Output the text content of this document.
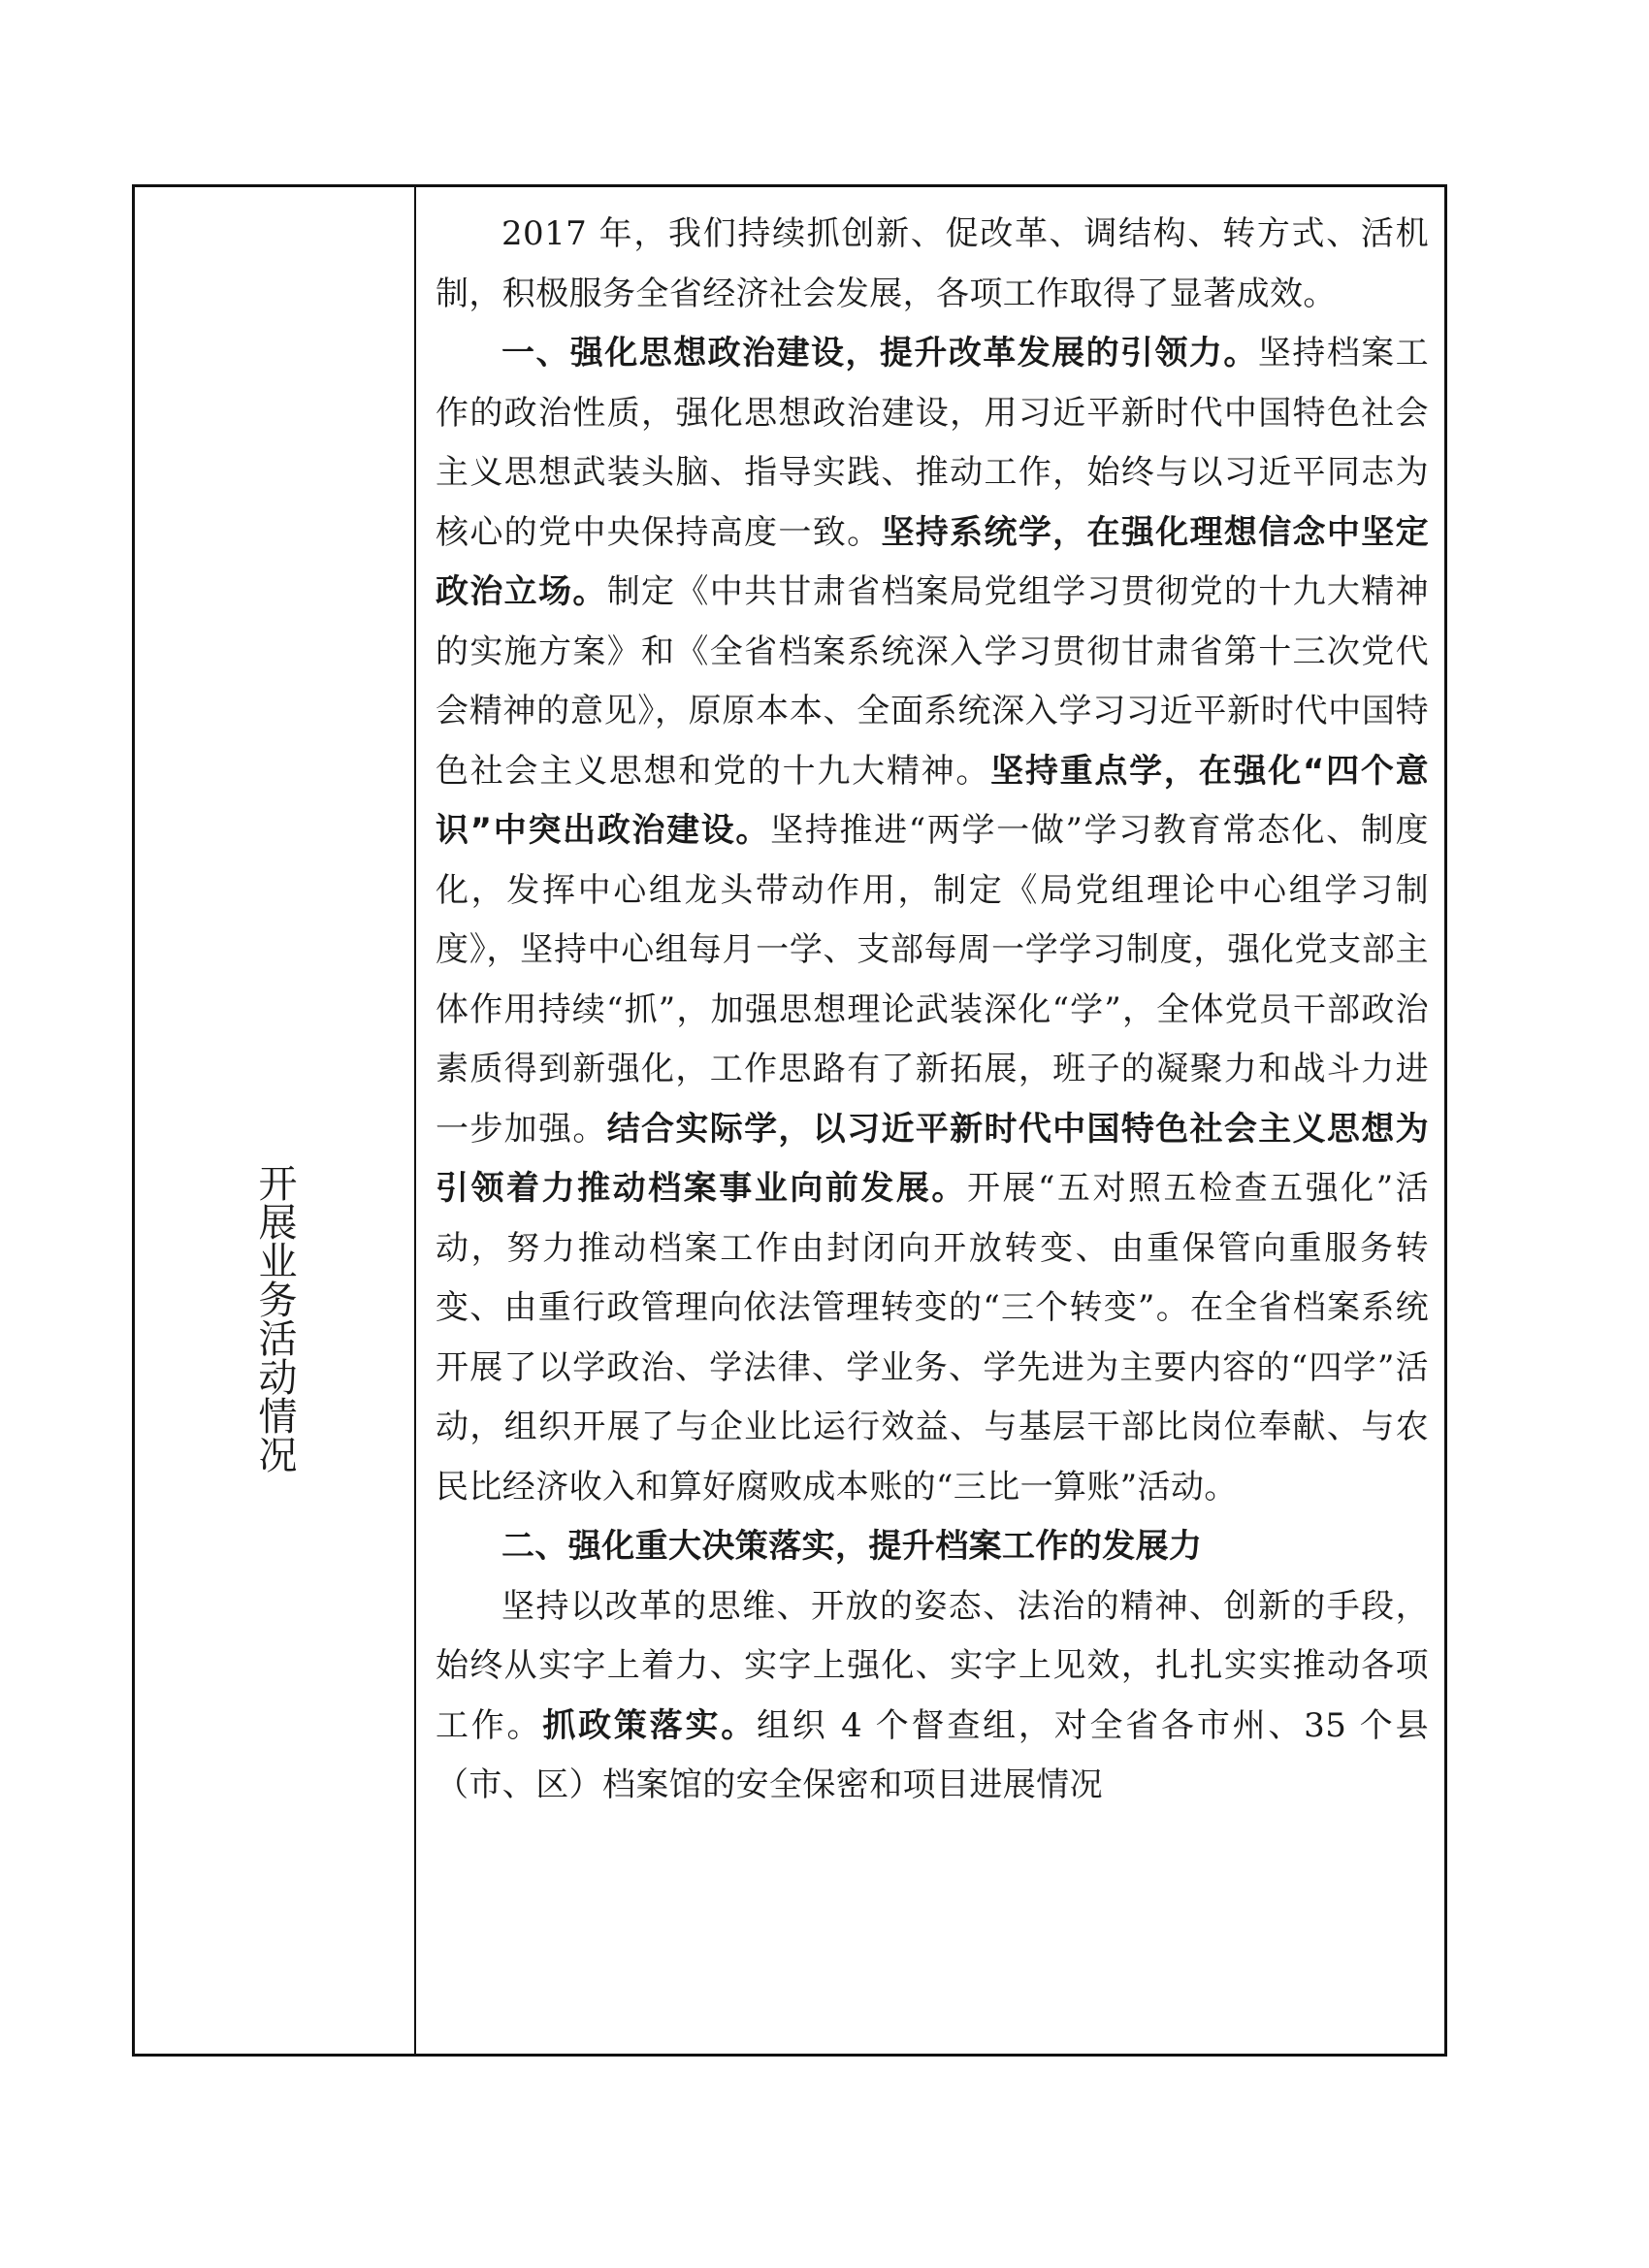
开展业务活动情况

2017 年，我们持续抓创新、促改革、调结构、转方式、活机制，积极服务全省经济社会发展，各项工作取得了显著成效。

一、强化思想政治建设，提升改革发展的引领力。坚持档案工作的政治性质，强化思想政治建设，用习近平新时代中国特色社会主义思想武装头脑、指导实践、推动工作，始终与以习近平同志为核心的党中央保持高度一致。坚持系统学，在强化理想信念中坚定政治立场。制定《中共甘肃省档案局党组学习贯彻党的十九大精神的实施方案》和《全省档案系统深入学习贯彻甘肃省第十三次党代会精神的意见》，原原本本、全面系统深入学习习近平新时代中国特色社会主义思想和党的十九大精神。坚持重点学，在强化“四个意识”中突出政治建设。坚持推进“两学一做”学习教育常态化、制度化，发挥中心组龙头带动作用，制定《局党组理论中心组学习制度》，坚持中心组每月一学、支部每周一学学习制度，强化党支部主体作用持续“抓”，加强思想理论武装深化“学”，全体党员干部政治素质得到新强化，工作思路有了新拓展，班子的凝聚力和战斗力进一步加强。结合实际学，以习近平新时代中国特色社会主义思想为引领着力推动档案事业向前发展。开展“五对照五检查五强化”活动，努力推动档案工作由封闭向开放转变、由重保管向重服务转变、由重行政管理向依法管理转变的“三个转变”。在全省档案系统开展了以学政治、学法律、学业务、学先进为主要内容的“四学”活动，组织开展了与企业比运行效益、与基层干部比岗位奉献、与农民比经济收入和算好腐败成本账的“三比一算账”活动。

二、强化重大决策落实，提升档案工作的发展力

坚持以改革的思维、开放的姿态、法治的精神、创新的手段，始终从实字上着力、实字上强化、实字上见效，扎扎实实推动各项工作。抓政策落实。组织 4 个督查组，对全省各市州、35 个县（市、区）档案馆的安全保密和项目进展情况
